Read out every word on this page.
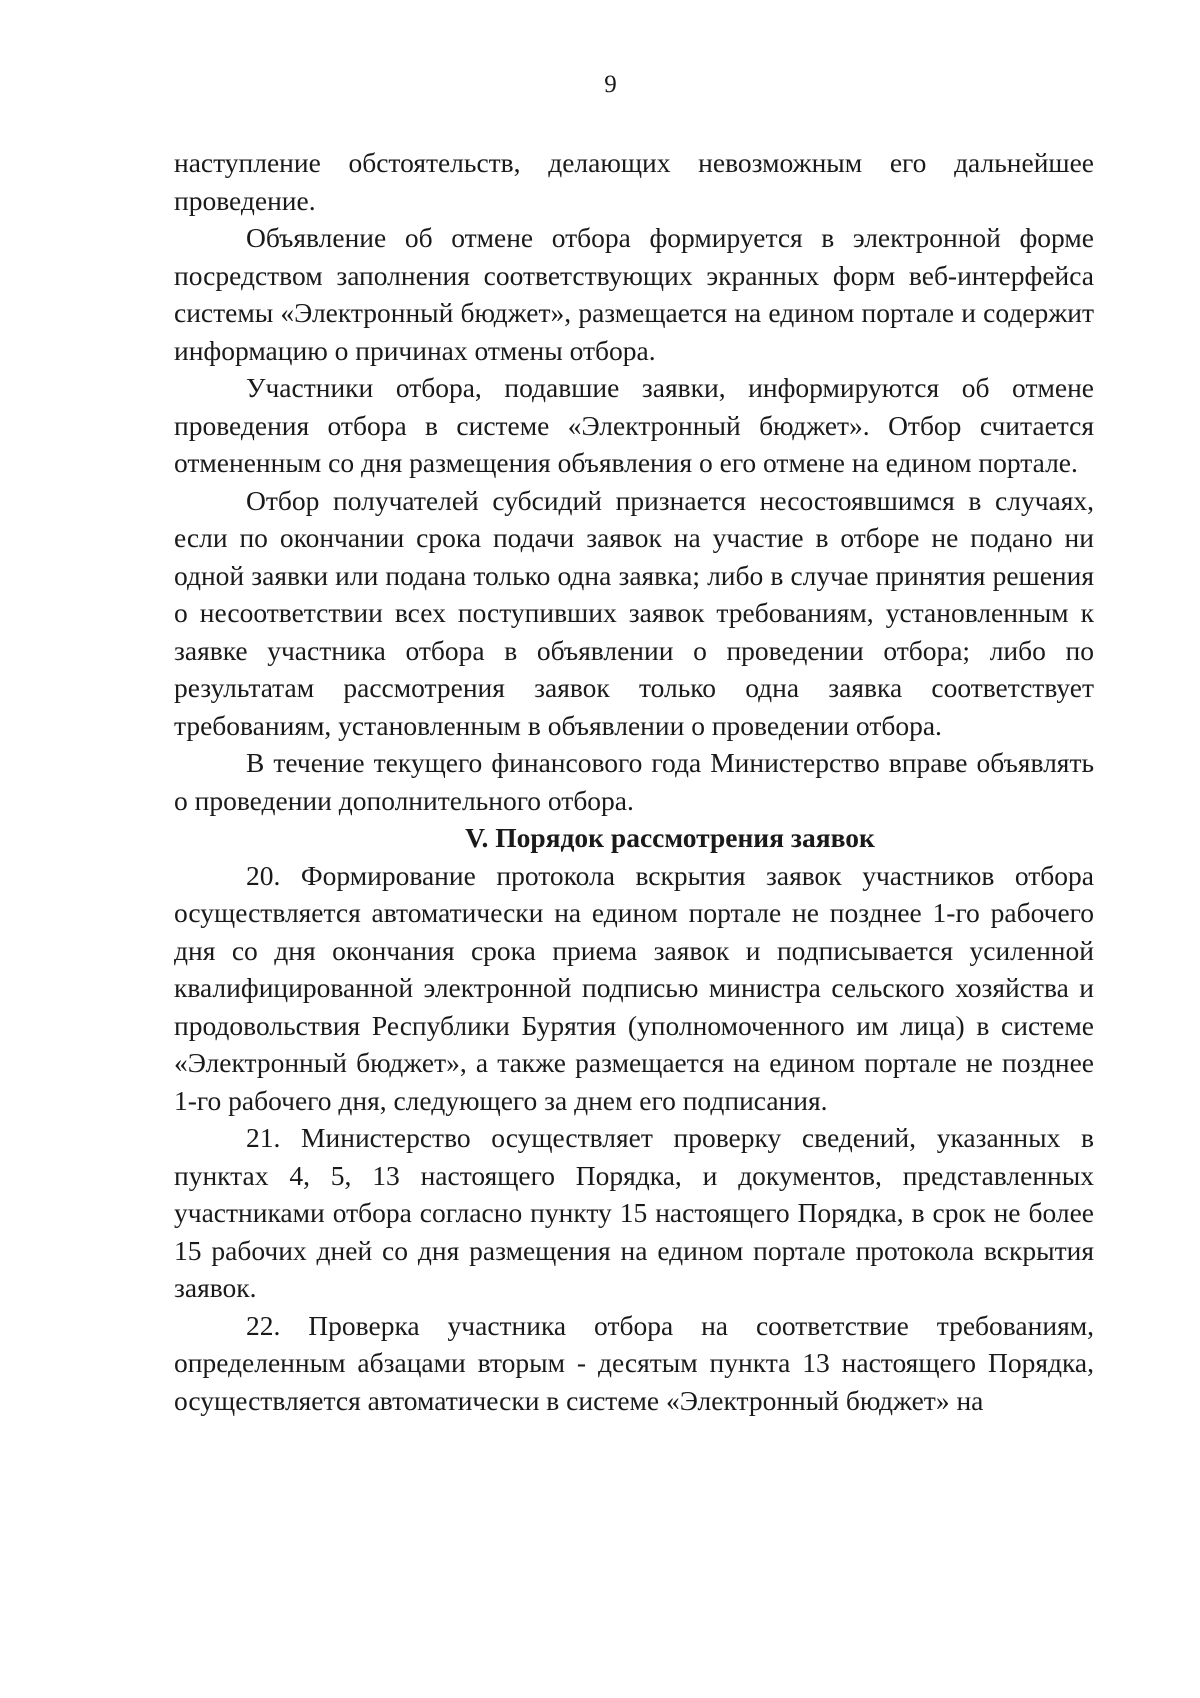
9

наступление обстоятельств, делающих невозможным его дальнейшее проведение.

Объявление об отмене отбора формируется в электронной форме посредством заполнения соответствующих экранных форм веб-интерфейса системы «Электронный бюджет», размещается на едином портале и содержит информацию о причинах отмены отбора.

Участники отбора, подавшие заявки, информируются об отмене проведения отбора в системе «Электронный бюджет». Отбор считается отмененным со дня размещения объявления о его отмене на едином портале.

Отбор получателей субсидий признается несостоявшимся в случаях, если по окончании срока подачи заявок на участие в отборе не подано ни одной заявки или подана только одна заявка; либо в случае принятия решения о несоответствии всех поступивших заявок требованиям, установленным к заявке участника отбора в объявлении о проведении отбора; либо по результатам рассмотрения заявок только одна заявка соответствует требованиям, установленным в объявлении о проведении отбора.

В течение текущего финансового года Министерство вправе объявлять о проведении дополнительного отбора.

V. Порядок рассмотрения заявок

20. Формирование протокола вскрытия заявок участников отбора осуществляется автоматически на едином портале не позднее 1-го рабочего дня со дня окончания срока приема заявок и подписывается усиленной квалифицированной электронной подписью министра сельского хозяйства и продовольствия Республики Бурятия (уполномоченного им лица) в системе «Электронный бюджет», а также размещается на едином портале не позднее 1-го рабочего дня, следующего за днем его подписания.

21. Министерство осуществляет проверку сведений, указанных в пунктах 4, 5, 13 настоящего Порядка, и документов, представленных участниками отбора согласно пункту 15 настоящего Порядка, в срок не более 15 рабочих дней со дня размещения на едином портале протокола вскрытия заявок.

22. Проверка участника отбора на соответствие требованиям, определенным абзацами вторым - десятым пункта 13 настоящего Порядка, осуществляется автоматически в системе «Электронный бюджет» на
